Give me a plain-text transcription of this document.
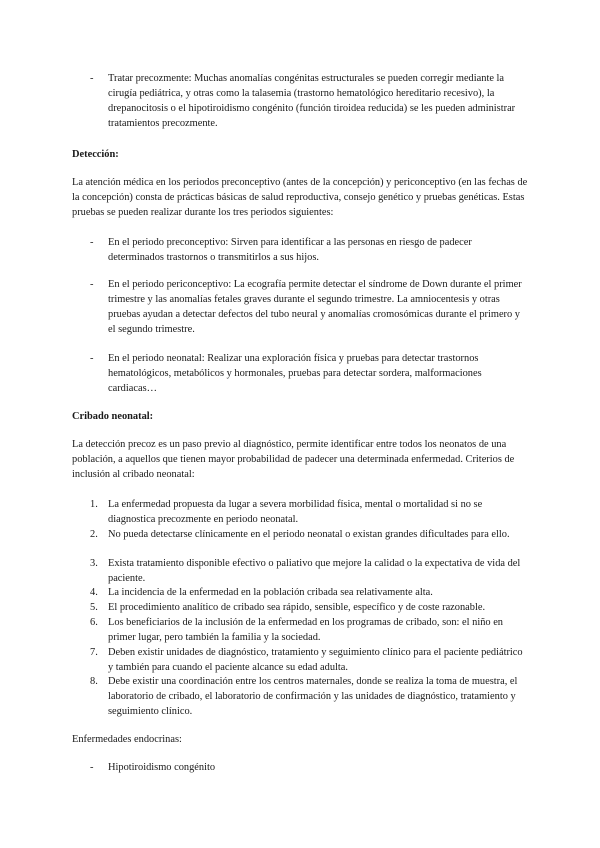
- Tratar precozmente: Muchas anomalías congénitas estructurales se pueden corregir mediante la cirugía pediátrica, y otras como la talasemia (trastorno hematológico hereditario recesivo), la drepanocitosis o el hipotiroidismo congénito (función tiroidea reducida) se les pueden administrar tratamientos precozmente.
Detección:
La atención médica en los periodos preconceptivo (antes de la concepción) y periconceptivo (en las fechas de la concepción) consta de prácticas básicas de salud reproductiva, consejo genético y pruebas genéticas. Estas pruebas se pueden realizar durante los tres periodos siguientes:
- En el periodo preconceptivo: Sirven para identificar a las personas en riesgo de padecer determinados trastornos o transmitirlos a sus hijos.
- En el periodo periconceptivo: La ecografía permite detectar el síndrome de Down durante el primer trimestre y las anomalías fetales graves durante el segundo trimestre. La amniocentesis y otras pruebas ayudan a detectar defectos del tubo neural y anomalías cromosómicas durante el primero y el segundo trimestre.
- En el periodo neonatal: Realizar una exploración física y pruebas para detectar trastornos hematológicos, metabólicos y hormonales, pruebas para detectar sordera, malformaciones cardiacas…
Cribado neonatal:
La detección precoz es un paso previo al diagnóstico, permite identificar entre todos los neonatos de una población, a aquellos que tienen mayor probabilidad de padecer una determinada enfermedad. Criterios de inclusión al cribado neonatal:
1. La enfermedad propuesta da lugar a severa morbilidad física, mental o mortalidad si no se diagnostica precozmente en periodo neonatal.
2. No pueda detectarse clínicamente en el periodo neonatal o existan grandes dificultades para ello.
3. Exista tratamiento disponible efectivo o paliativo que mejore la calidad o la expectativa de vida del paciente.
4. La incidencia de la enfermedad en la población cribada sea relativamente alta.
5. El procedimiento analítico de cribado sea rápido, sensible, específico y de coste razonable.
6. Los beneficiarios de la inclusión de la enfermedad en los programas de cribado, son: el niño en primer lugar, pero también la familia y la sociedad.
7. Deben existir unidades de diagnóstico, tratamiento y seguimiento clínico para el paciente pediátrico y también para cuando el paciente alcance su edad adulta.
8. Debe existir una coordinación entre los centros maternales, donde se realiza la toma de muestra, el laboratorio de cribado, el laboratorio de confirmación y las unidades de diagnóstico, tratamiento y seguimiento clínico.
Enfermedades endocrinas:
- Hipotiroidismo congénito
